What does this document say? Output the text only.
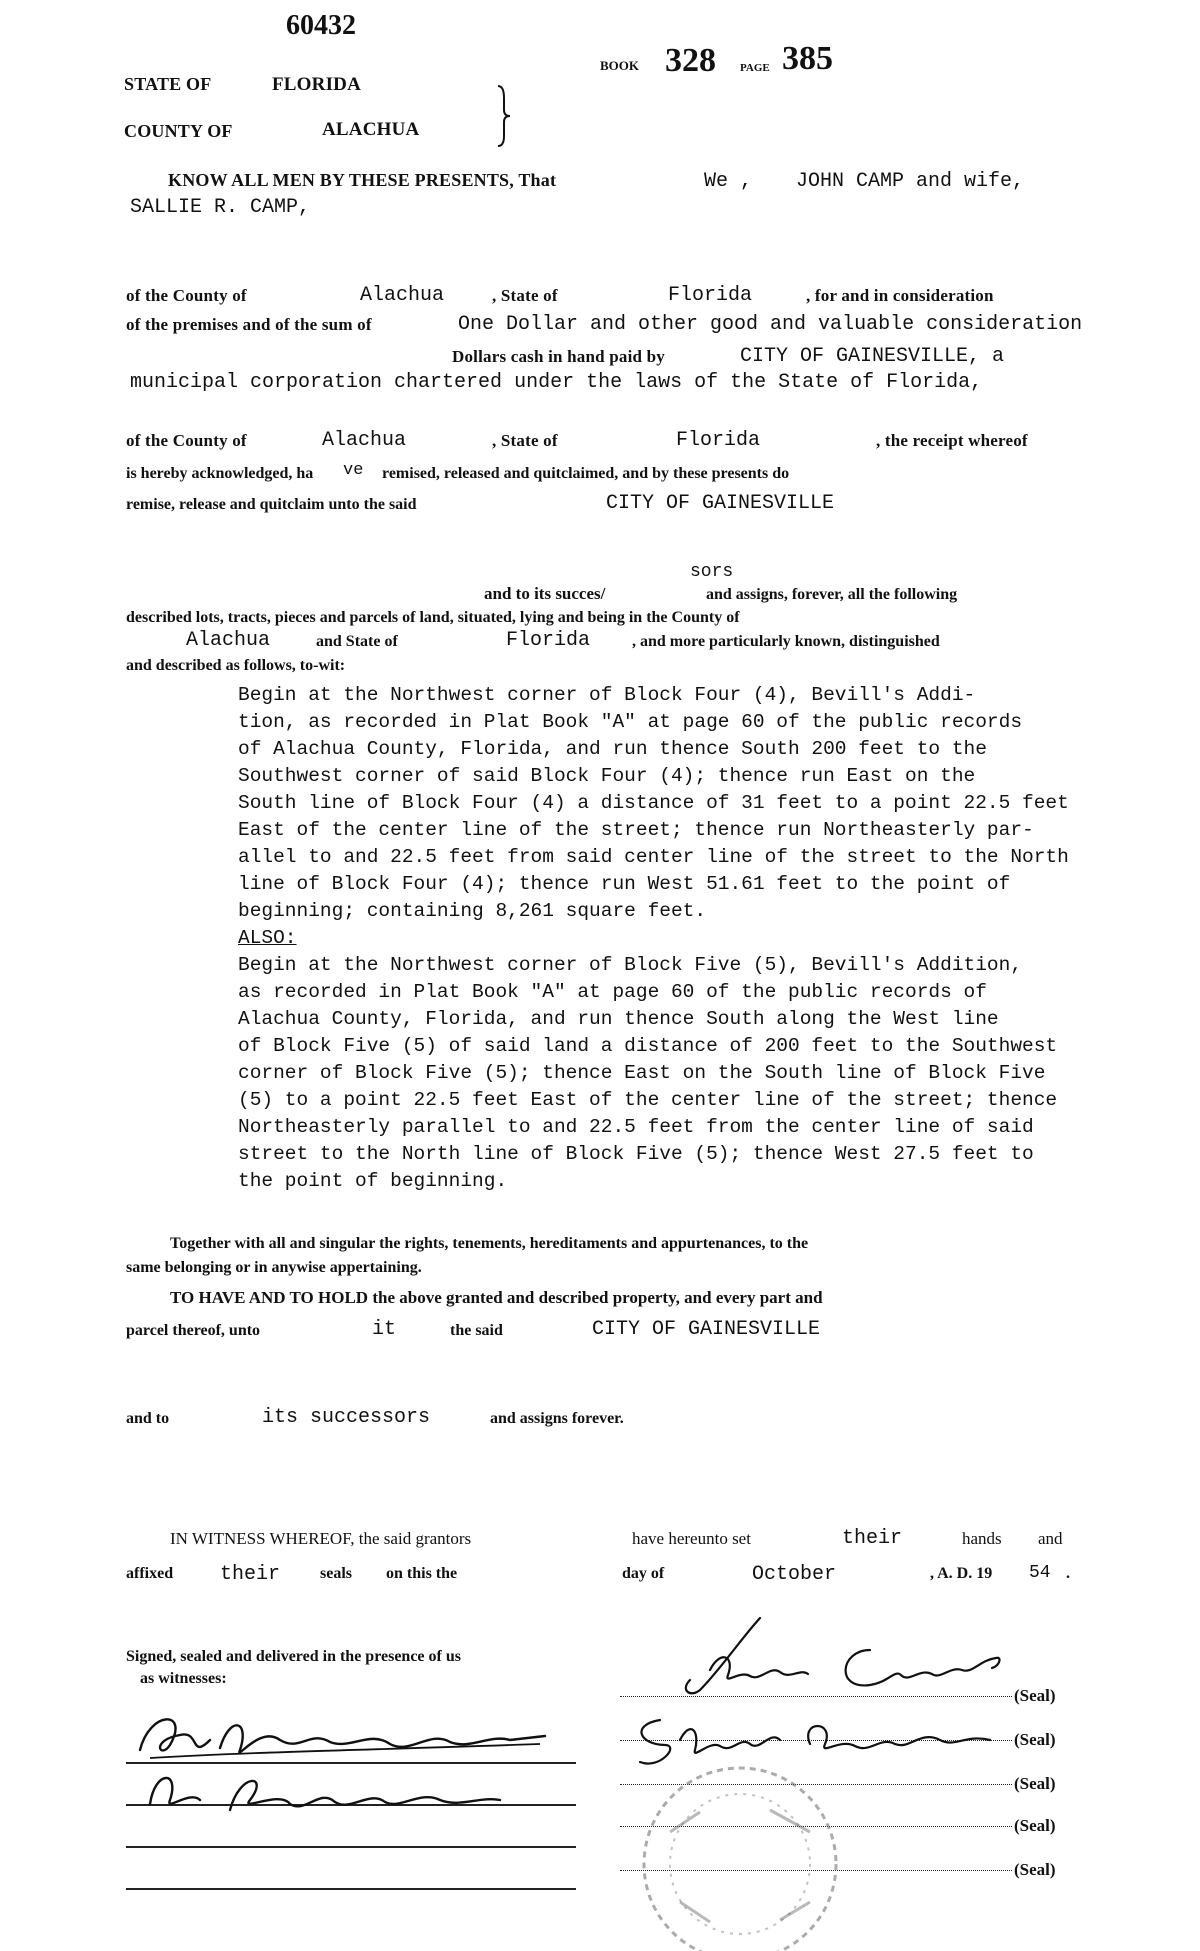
60432
BOOK 328 PAGE 385
STATE OF	FLORIDA
COUNTY OF	ALACHUA
KNOW ALL MEN BY THESE PRESENTS, That	We , JOHN CAMP and wife,
SALLIE R. CAMP,
of the County of	Alachua	, State of	Florida	, for and in consideration
of the premises and of the sum of	One Dollar and other good and valuable consideration
Dollars cash in hand paid by	CITY OF GAINESVILLE, a
municipal corporation chartered under the laws of the State of Florida,
of the County of	Alachua	, State of	Florida	, the receipt whereof
is hereby acknowledged, ha ve remised, released and quitclaimed, and by these presents do
remise, release and quitclaim unto the said	CITY OF GAINESVILLE
sors
and to its succes/	and assigns, forever, all the following
described lots, tracts, pieces and parcels of land, situated, lying and being in the County of
Alachua	and State of	Florida	, and more particularly known, distinguished
and described as follows, to-wit:
Begin at the Northwest corner of Block Four (4), Bevill's Addi-
tion, as recorded in Plat Book "A" at page 60 of the public records
of Alachua County, Florida, and run thence South 200 feet to the
Southwest corner of said Block Four (4); thence run East on the
South line of Block Four (4) a distance of 31 feet to a point 22.5 feet
East of the center line of the street; thence run Northeasterly par-
allel to and 22.5 feet from said center line of the street to the North
line of Block Four (4); thence run West 51.61 feet to the point of
beginning; containing 8,261 square feet.
ALSO:
Begin at the Northwest corner of Block Five (5), Bevill's Addition,
as recorded in Plat Book "A" at page 60 of the public records of
Alachua County, Florida, and run thence South along the West line
of Block Five (5) of said land a distance of 200 feet to the Southwest
corner of Block Five (5); thence East on the South line of Block Five
(5) to a point 22.5 feet East of the center line of the street; thence
Northeasterly parallel to and 22.5 feet from the center line of said
street to the North line of Block Five (5); thence West 27.5 feet to
the point of beginning.
Together with all and singular the rights, tenements, hereditaments and appurtenances, to the
same belonging or in anywise appertaining.
TO HAVE AND TO HOLD the above granted and described property, and every part and
parcel thereof, unto	it	the said	CITY OF GAINESVILLE
and to	its successors	and assigns forever.
IN WITNESS WHEREOF, the said grantors	have hereunto set	their	hands and
affixed their seals on this the	day of	October	, A. D. 19 54 .
Signed, sealed and delivered in the presence of us
as witnesses:
(Seal)
(Seal)
(Seal)
(Seal)
(Seal)
